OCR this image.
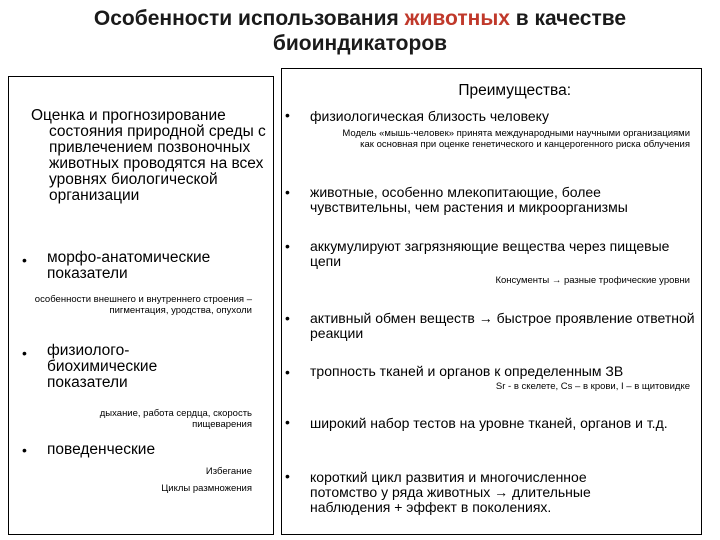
Особенности использования животных в качестве
биоиндикаторов
Оценка и прогнозирование состояния природной среды с привлечением позвоночных животных проводятся на всех уровнях биологической организации
• морфо-анатомические показатели
особенности внешнего и внутреннего строения – пигментация, уродства, опухоли
• физиолого-биохимические показатели
дыхание, работа сердца, скорость пищеварения
• поведенческие
Избегание
Циклы размножения
Преимущества:
• физиологическая близость человеку
Модель «мышь-человек» принята международными научными организациями как основная при оценке генетического и канцерогенного риска облучения
• животные, особенно млекопитающие, более чувствительны, чем растения и микроорганизмы
• аккумулируют загрязняющие вещества через пищевые цепи
Консументы → разные трофические уровни
• активный обмен веществ → быстрое проявление ответной реакции
• тропность тканей и органов к определенным ЗВ
Sr - в скелете, Cs – в крови, I – в щитовидке
• широкий набор тестов на уровне тканей, органов и т.д.
• короткий цикл развития и многочисленное потомство у ряда животных → длительные наблюдения + эффект в поколениях.
